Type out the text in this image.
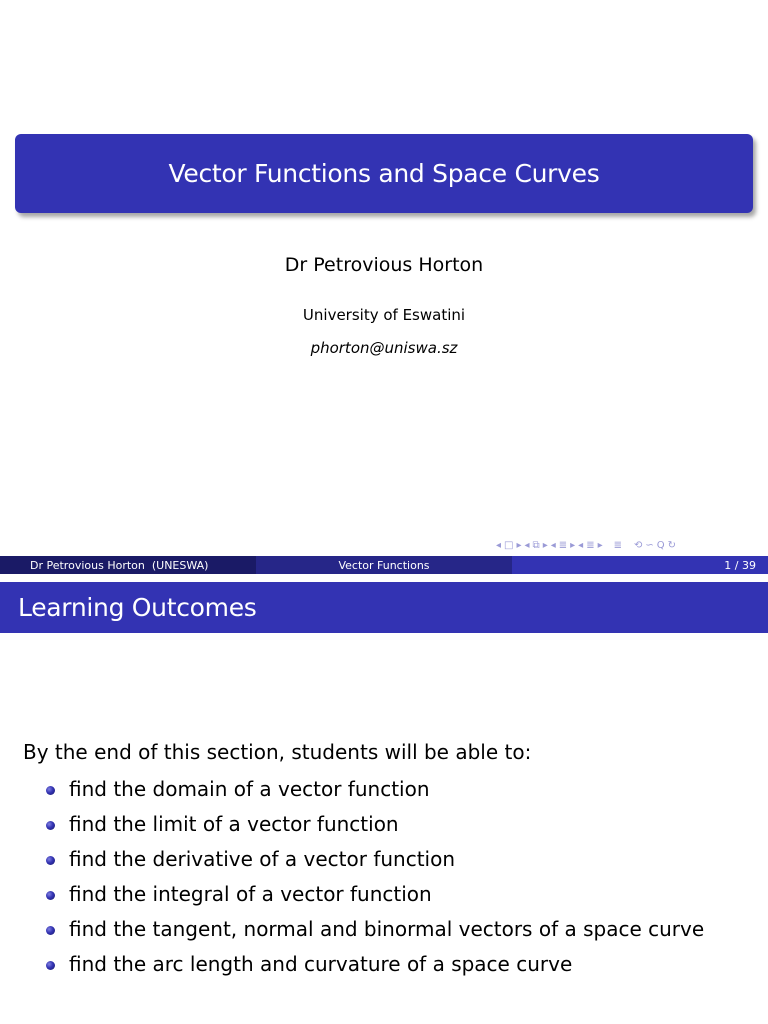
Vector Functions and Space Curves
Dr Petrovious Horton
University of Eswatini
phorton@uniswa.sz
◂ □ ▸ ◂ ⧉ ▸ ◂ ≣ ▸ ◂ ≣ ▸ ≣ ⟲ ∽ Q ↻
Dr Petrovious Horton  (UNESWA)	Vector Functions	1 / 39
Learning Outcomes
By the end of this section, students will be able to:
find the domain of a vector function
find the limit of a vector function
find the derivative of a vector function
find the integral of a vector function
find the tangent, normal and binormal vectors of a space curve
find the arc length and curvature of a space curve
